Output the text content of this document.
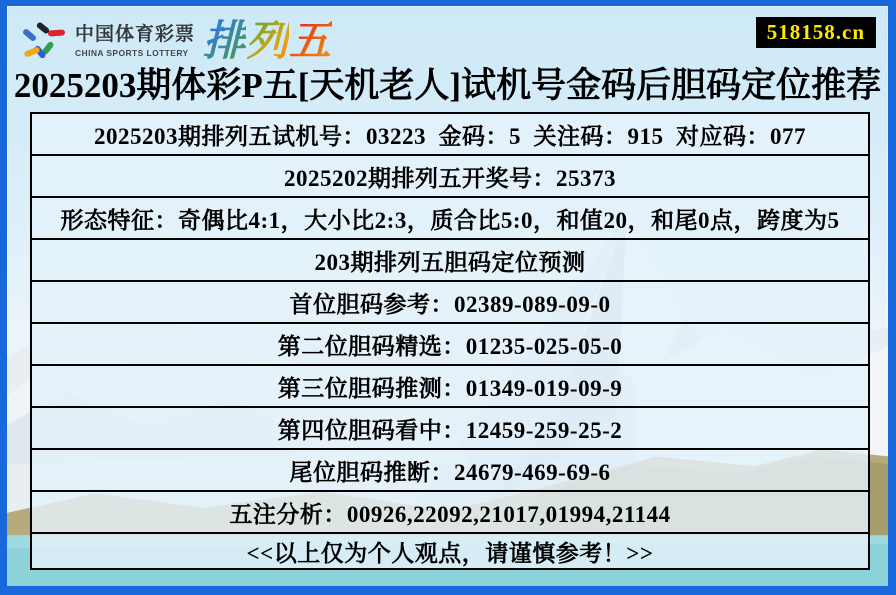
中国体育彩票
CHINA SPORTS LOTTERY 排列五	518158.cn
2025203期体彩P五[天机老人]试机号金码后胆码定位推荐
2025203期排列五试机号：03223  金码：5  关注码：915  对应码：077
2025202期排列五开奖号：25373
形态特征：奇偶比4:1，大小比2:3，质合比5:0，和值20，和尾0点，跨度为5
203期排列五胆码定位预测
首位胆码参考：02389-089-09-0
第二位胆码精选：01235-025-05-0
第三位胆码推测：01349-019-09-9
第四位胆码看中：12459-259-25-2
尾位胆码推断：24679-469-69-6
五注分析：00926,22092,21017,01994,21144
<<以上仅为个人观点，请谨慎参考！>>
